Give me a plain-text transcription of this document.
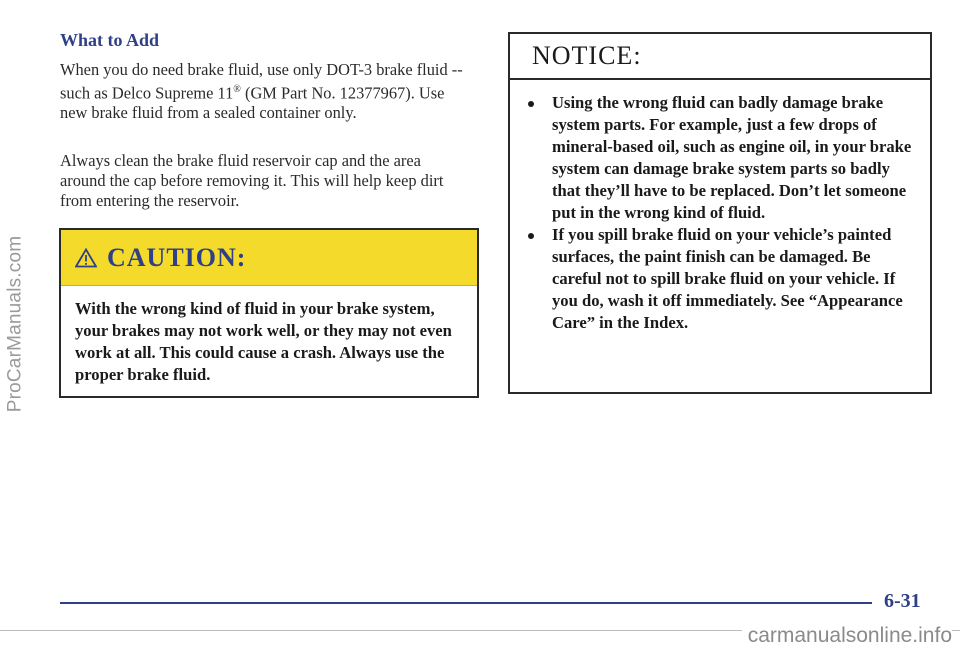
ProCarManuals.com
What to Add

When you do need brake fluid, use only DOT-3 brake fluid -- such as Delco Supreme 11® (GM Part No. 12377967). Use new brake fluid from a sealed container only.

Always clean the brake fluid reservoir cap and the area around the cap before removing it. This will help keep dirt from entering the reservoir.

CAUTION:

With the wrong kind of fluid in your brake system, your brakes may not work well, or they may not even work at all. This could cause a crash. Always use the proper brake fluid.

NOTICE:
Using the wrong fluid can badly damage brake system parts. For example, just a few drops of mineral-based oil, such as engine oil, in your brake system can damage brake system parts so badly that they’ll have to be replaced. Don’t let someone put in the wrong kind of fluid.
If you spill brake fluid on your vehicle’s painted surfaces, the paint finish can be damaged. Be careful not to spill brake fluid on your vehicle. If you do, wash it off immediately. See “Appearance Care” in the Index.
6-31
carmanualsonline.info
